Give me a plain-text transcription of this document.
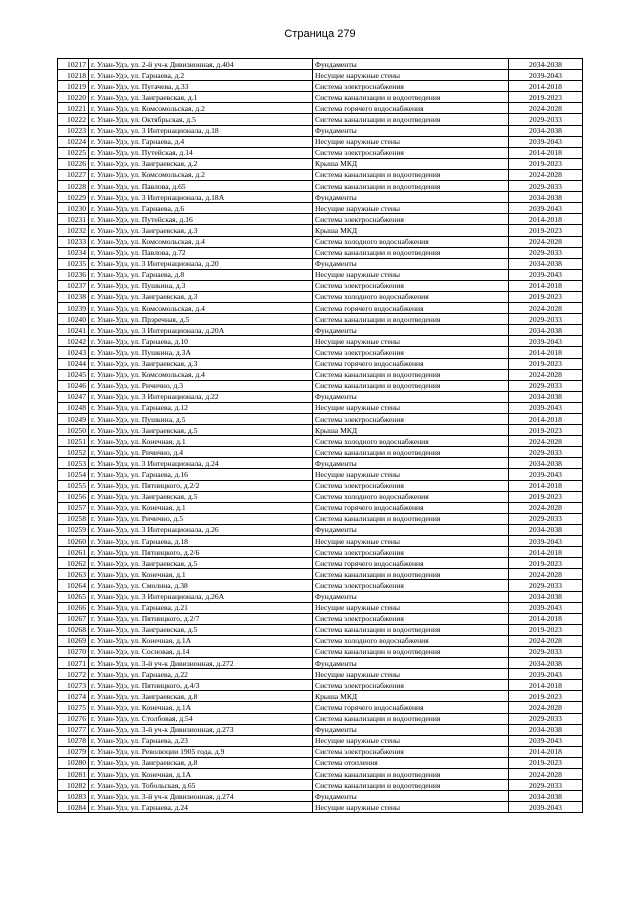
Страница 279
10217	г. Улан-Удэ, ул. 2-й уч-к Дивизионная, д.404	Фундаменты	2034-2038
10218	г. Улан-Удэ, ул. Гарнаева, д.2	Несущие наружные стены	2039-2043
10219	г. Улан-Удэ, ул. Пугачева, д.33	Система электроснабжения	2014-2018
10220	г. Улан-Удэ, ул. Заиграевская, д.1	Система канализации и водоотведения	2019-2023
10221	г. Улан-Удэ, ул. Комсомольская, д.2	Система горячего водоснабжения	2024-2028
10222	г. Улан-Удэ, ул. Октябрьская, д.5	Система канализации и водоотведения	2029-2033
10223	г. Улан-Удэ, ул. 3 Интернационала, д.18	Фундаменты	2034-2038
10224	г. Улан-Удэ, ул. Гарнаева, д.4	Несущие наружные стены	2039-2043
10225	г. Улан-Удэ, ул. Путейская, д.14	Система электроснабжения	2014-2018
10226	г. Улан-Удэ, ул. Заиграевская, д.2	Крыша МКД	2019-2023
10227	г. Улан-Удэ, ул. Комсомольская, д.2	Система канализации и водоотведения	2024-2028
10228	г. Улан-Удэ, ул. Павлова, д.65	Система канализации и водоотведения	2029-2033
10229	г. Улан-Удэ, ул. 3 Интернационала, д.18А	Фундаменты	2034-2038
10230	г. Улан-Удэ, ул. Гарнаева, д.6	Несущие наружные стены	2039-2043
10231	г. Улан-Удэ, ул. Путейская, д.16	Система электроснабжения	2014-2018
10232	г. Улан-Удэ, ул. Заиграевская, д.3	Крыша МКД	2019-2023
10233	г. Улан-Удэ, ул. Комсомольская, д.4	Система холодного водоснабжения	2024-2028
10234	г. Улан-Удэ, ул. Павлова, д.72	Система канализации и водоотведения	2029-2033
10235	г. Улан-Удэ, ул. 3 Интернационала, д.20	Фундаменты	2034-2038
10236	г. Улан-Удэ, ул. Гарнаева, д.8	Несущие наружные стены	2039-2043
10237	г. Улан-Удэ, ул. Пушкина, д.3	Система электроснабжения	2014-2018
10238	г. Улан-Удэ, ул. Заиграевская, д.3	Система холодного водоснабжения	2019-2023
10239	г. Улан-Удэ, ул. Комсомольская, д.4	Система горячего водоснабжения	2024-2028
10240	г. Улан-Удэ, ул. Прзречная, д.5	Система канализации и водоотведения	2029-2033
10241	г. Улан-Удэ, ул. 3 Интернационала, д.20А	Фундаменты	2034-2038
10242	г. Улан-Удэ, ул. Гарнаева, д.10	Несущие наружные стены	2039-2043
10243	г. Улан-Удэ, ул. Пушкина, д.3А	Система электроснабжения	2014-2018
10244	г. Улан-Удэ, ул. Заиграевская, д.3	Система горячего водоснабжения	2019-2023
10245	г. Улан-Удэ, ул. Комсомольская, д.4	Система канализации и водоотведения	2024-2028
10246	г. Улан-Удэ, ул. Ричично, д.3	Система канализации и водоотведения	2029-2033
10247	г. Улан-Удэ, ул. 3 Интернационала, д.22	Фундаменты	2034-2038
10248	г. Улан-Удэ, ул. Гарнаева, д.12	Несущие наружные стены	2039-2043
10249	г. Улан-Удэ, ул. Пушкина, д.5	Система электроснабжения	2014-2018
10250	г. Улан-Удэ, ул. Заиграевская, д.5	Крыша МКД	2019-2023
10251	г. Улан-Удэ, ул. Конечная, д.1	Система холодного водоснабжения	2024-2028
10252	г. Улан-Удэ, ул. Ричично, д.4	Система канализации и водоотведения	2029-2033
10253	г. Улан-Удэ, ул. 3 Интернационала, д.24	Фундаменты	2034-2038
10254	г. Улан-Удэ, ул. Гарнаева, д.16	Несущие наружные стены	2039-2043
10255	г. Улан-Удэ, ул. Пятницкого, д.2/2	Система электроснабжения	2014-2018
10256	г. Улан-Удэ, ул. Заиграевская, д.5	Система холодного водоснабжения	2019-2023
10257	г. Улан-Удэ, ул. Конечная, д.1	Система горячего водоснабжения	2024-2028
10258	г. Улан-Удэ, ул. Ричично, д.5	Система канализации и водоотведения	2029-2033
10259	г. Улан-Удэ, ул. 3 Интернационала, д.26	Фундаменты	2034-2038
10260	г. Улан-Удэ, ул. Гарнаева, д.18	Несущие наружные стены	2039-2043
10261	г. Улан-Удэ, ул. Пятницкого, д.2/6	Система электроснабжения	2014-2018
10262	г. Улан-Удэ, ул. Заиграевская, д.5	Система горячего водоснабжения	2019-2023
10263	г. Улан-Удэ, ул. Конечная, д.1	Система канализации и водоотведения	2024-2028
10264	г. Улан-Удэ, ул. Смолина, д.38	Система электроснабжения	2029-2033
10265	г. Улан-Удэ, ул. 3 Интернационала, д.26А	Фундаменты	2034-2038
10266	г. Улан-Удэ, ул. Гарнаева, д.21	Несущие наружные стены	2039-2043
10267	г. Улан-Удэ, ул. Пятницкого, д.2/7	Система электроснабжения	2014-2018
10268	г. Улан-Удэ, ул. Заиграевская, д.5	Система канализации и водоотведения	2019-2023
10269	г. Улан-Удэ, ул. Конечная, д.1А	Система холодного водоснабжения	2024-2028
10270	г. Улан-Удэ, ул. Сосновая, д.14	Система канализации и водоотведения	2029-2033
10271	г. Улан-Удэ, ул. 3-й уч-к Дивизионная, д.272	Фундаменты	2034-2038
10272	г. Улан-Удэ, ул. Гарнаева, д.22	Несущие наружные стены	2039-2043
10273	г. Улан-Удэ, ул. Пятницкого, д.4/3	Система электроснабжения	2014-2018
10274	г. Улан-Удэ, ул. Заиграевская, д.8	Крыша МКД	2019-2023
10275	г. Улан-Удэ, ул. Конечная, д.1А	Система горячего водоснабжения	2024-2028
10276	г. Улан-Удэ, ул. Столбовая, д.54	Система канализации и водоотведения	2029-2033
10277	г. Улан-Удэ, ул. 3-й уч-к Дивизионная, д.273	Фундаменты	2034-2038
10278	г. Улан-Удэ, ул. Гарнаева, д.23	Несущие наружные стены	2039-2043
10279	г. Улан-Удэ, ул. Революции 1905 года, д.9	Система электроснабжения	2014-2018
10280	г. Улан-Удэ, ул. Заиграевская, д.8	Система отопления	2019-2023
10281	г. Улан-Удэ, ул. Конечная, д.1А	Система канализации и водоотведения	2024-2028
10282	г. Улан-Удэ, ул. Тобольская, д.65	Система канализации и водоотведения	2029-2033
10283	г. Улан-Удэ, ул. 3-й уч-к Дивизионная, д.274	Фундаменты	2034-2038
10284	г. Улан-Удэ, ул. Гарнаева, д.24	Несущие наружные стены	2039-2043
